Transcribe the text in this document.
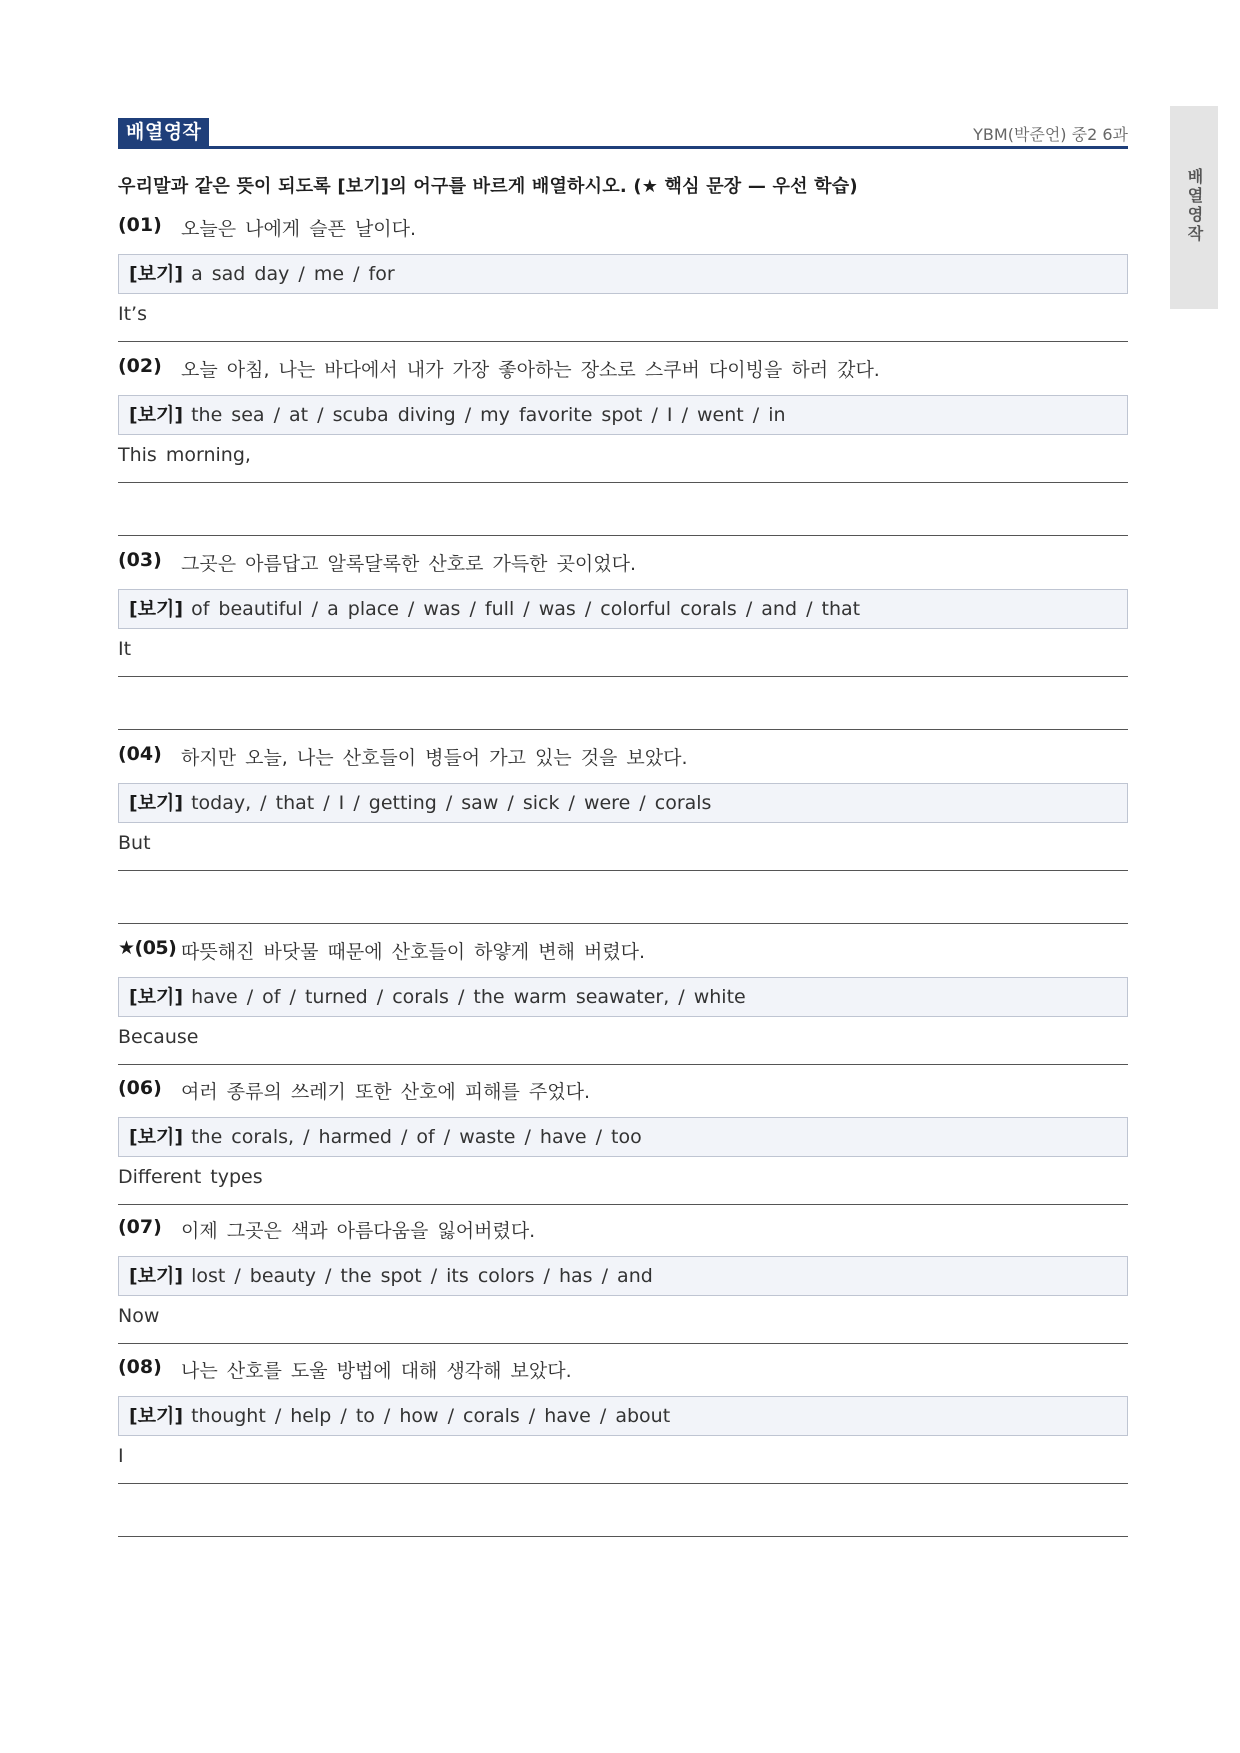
배열영작	YBM(박준언) 중2 6과
배열영작
우리말과 같은 뜻이 되도록 [보기]의 어구를 바르게 배열하시오. (★ 핵심 문장 — 우선 학습)
(01) 오늘은 나에게 슬픈 날이다.
[보기] a sad day / me / for
It’s
(02) 오늘 아침, 나는 바다에서 내가 가장 좋아하는 장소로 스쿠버 다이빙을 하러 갔다.
[보기] the sea / at / scuba diving / my favorite spot / I / went / in
This morning,
(03) 그곳은 아름답고 알록달록한 산호로 가득한 곳이었다.
[보기] of beautiful / a place / was / full / was / colorful corals / and / that
It
(04) 하지만 오늘, 나는 산호들이 병들어 가고 있는 것을 보았다.
[보기] today, / that / I / getting / saw / sick / were / corals
But
★(05) 따뜻해진 바닷물 때문에 산호들이 하얗게 변해 버렸다.
[보기] have / of / turned / corals / the warm seawater, / white
Because
(06) 여러 종류의 쓰레기 또한 산호에 피해를 주었다.
[보기] the corals, / harmed / of / waste / have / too
Different types
(07) 이제 그곳은 색과 아름다움을 잃어버렸다.
[보기] lost / beauty / the spot / its colors / has / and
Now
(08) 나는 산호를 도울 방법에 대해 생각해 보았다.
[보기] thought / help / to / how / corals / have / about
I
